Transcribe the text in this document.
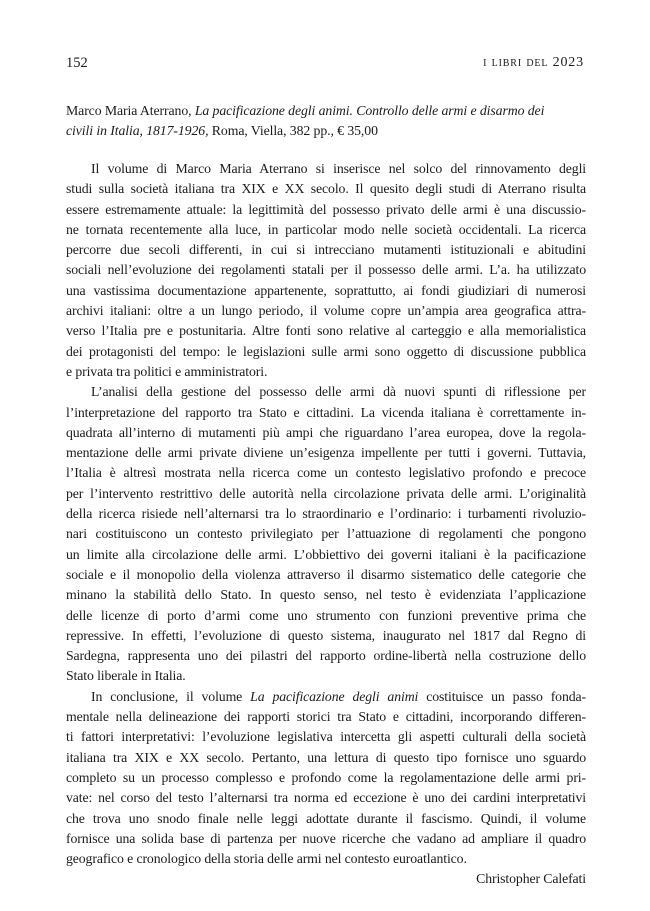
152	i libri del 2023
Marco Maria Aterrano, La pacificazione degli animi. Controllo delle armi e disarmo dei
civili in Italia, 1817-1926, Roma, Viella, 382 pp., € 35,00
Il volume di Marco Maria Aterrano si inserisce nel solco del rinnovamento degli
studi sulla società italiana tra XIX e XX secolo. Il quesito degli studi di Aterrano risulta
essere estremamente attuale: la legittimità del possesso privato delle armi è una discussio-
ne tornata recentemente alla luce, in particolar modo nelle società occidentali. La ricerca
percorre due secoli differenti, in cui si intrecciano mutamenti istituzionali e abitudini
sociali nell’evoluzione dei regolamenti statali per il possesso delle armi. L’a. ha utilizzato
una vastissima documentazione appartenente, soprattutto, ai fondi giudiziari di numerosi
archivi italiani: oltre a un lungo periodo, il volume copre un’ampia area geografica attra-
verso l’Italia pre e postunitaria. Altre fonti sono relative al carteggio e alla memorialistica
dei protagonisti del tempo: le legislazioni sulle armi sono oggetto di discussione pubblica
e privata tra politici e amministratori.
L’analisi della gestione del possesso delle armi dà nuovi spunti di riflessione per
l’interpretazione del rapporto tra Stato e cittadini. La vicenda italiana è correttamente in-
quadrata all’interno di mutamenti più ampi che riguardano l’area europea, dove la regola-
mentazione delle armi private diviene un’esigenza impellente per tutti i governi. Tuttavia,
l’Italia è altresì mostrata nella ricerca come un contesto legislativo profondo e precoce
per l’intervento restrittivo delle autorità nella circolazione privata delle armi. L’originalità
della ricerca risiede nell’alternarsi tra lo straordinario e l’ordinario: i turbamenti rivoluzio-
nari costituiscono un contesto privilegiato per l’attuazione di regolamenti che pongono
un limite alla circolazione delle armi. L’obbiettivo dei governi italiani è la pacificazione
sociale e il monopolio della violenza attraverso il disarmo sistematico delle categorie che
minano la stabilità dello Stato. In questo senso, nel testo è evidenziata l’applicazione
delle licenze di porto d’armi come uno strumento con funzioni preventive prima che
repressive. In effetti, l’evoluzione di questo sistema, inaugurato nel 1817 dal Regno di
Sardegna, rappresenta uno dei pilastri del rapporto ordine-libertà nella costruzione dello
Stato liberale in Italia.
In conclusione, il volume La pacificazione degli animi costituisce un passo fonda-
mentale nella delineazione dei rapporti storici tra Stato e cittadini, incorporando differen-
ti fattori interpretativi: l’evoluzione legislativa intercetta gli aspetti culturali della società
italiana tra XIX e XX secolo. Pertanto, una lettura di questo tipo fornisce uno sguardo
completo su un processo complesso e profondo come la regolamentazione delle armi pri-
vate: nel corso del testo l’alternarsi tra norma ed eccezione è uno dei cardini interpretativi
che trova uno snodo finale nelle leggi adottate durante il fascismo. Quindi, il volume
fornisce una solida base di partenza per nuove ricerche che vadano ad ampliare il quadro
geografico e cronologico della storia delle armi nel contesto euroatlantico.
Christopher Calefati
